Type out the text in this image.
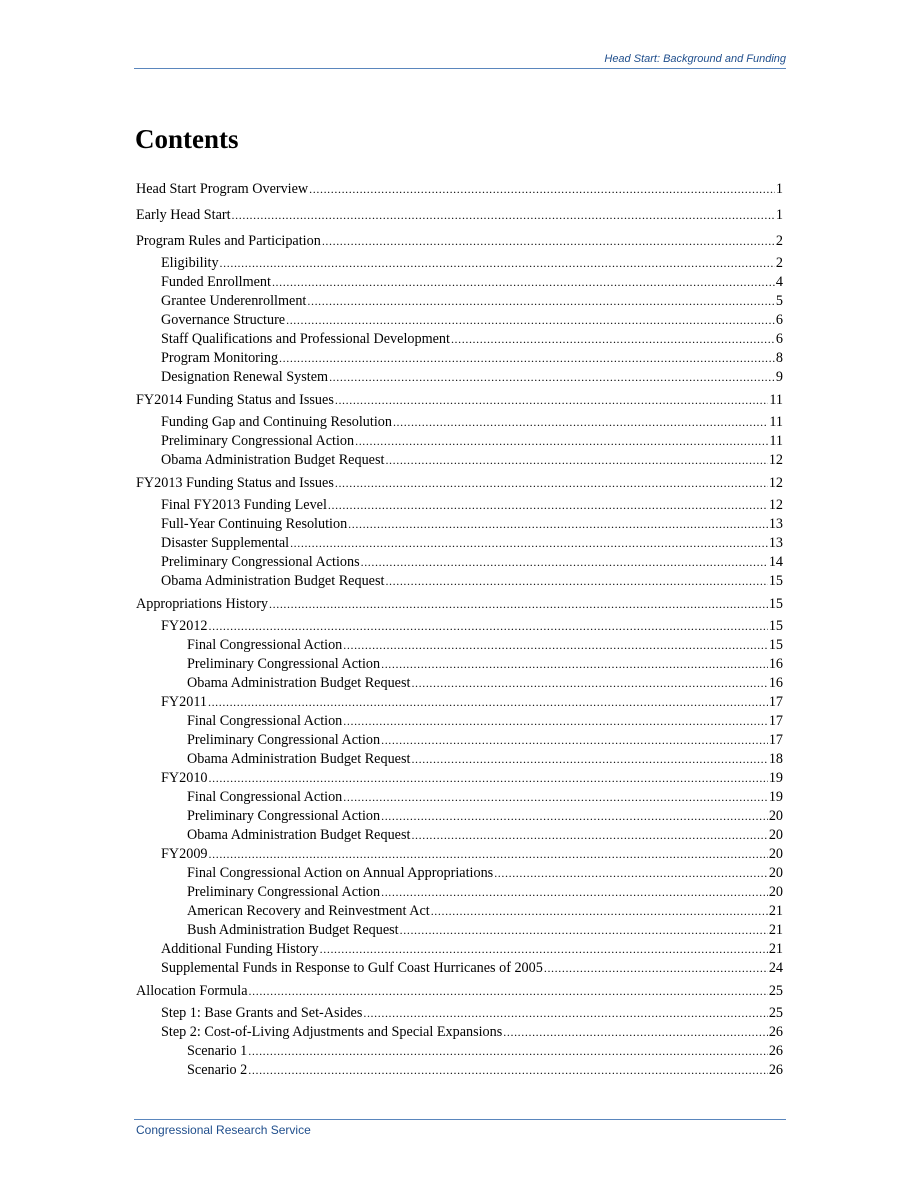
Head Start: Background and Funding
Contents
Head Start Program Overview .....	1
Early Head Start .....	1
Program Rules and Participation .....	2
Eligibility .....	2
Funded Enrollment .....	4
Grantee Underenrollment .....	5
Governance Structure .....	6
Staff Qualifications and Professional Development .....	6
Program Monitoring .....	8
Designation Renewal System .....	9
FY2014 Funding Status and Issues .....	11
Funding Gap and Continuing Resolution .....	11
Preliminary Congressional Action .....	11
Obama Administration Budget Request .....	12
FY2013 Funding Status and Issues .....	12
Final FY2013 Funding Level .....	12
Full-Year Continuing Resolution .....	13
Disaster Supplemental .....	13
Preliminary Congressional Actions .....	14
Obama Administration Budget Request .....	15
Appropriations History .....	15
FY2012 .....	15
Final Congressional Action .....	15
Preliminary Congressional Action .....	16
Obama Administration Budget Request .....	16
FY2011 .....	17
Final Congressional Action .....	17
Preliminary Congressional Action .....	17
Obama Administration Budget Request .....	18
FY2010 .....	19
Final Congressional Action .....	19
Preliminary Congressional Action .....	20
Obama Administration Budget Request .....	20
FY2009 .....	20
Final Congressional Action on Annual Appropriations .....	20
Preliminary Congressional Action .....	20
American Recovery and Reinvestment Act .....	21
Bush Administration Budget Request .....	21
Additional Funding History .....	21
Supplemental Funds in Response to Gulf Coast Hurricanes of 2005 .....	24
Allocation Formula .....	25
Step 1: Base Grants and Set-Asides .....	25
Step 2: Cost-of-Living Adjustments and Special Expansions .....	26
Scenario 1 .....	26
Scenario 2 .....	26
Congressional Research Service
